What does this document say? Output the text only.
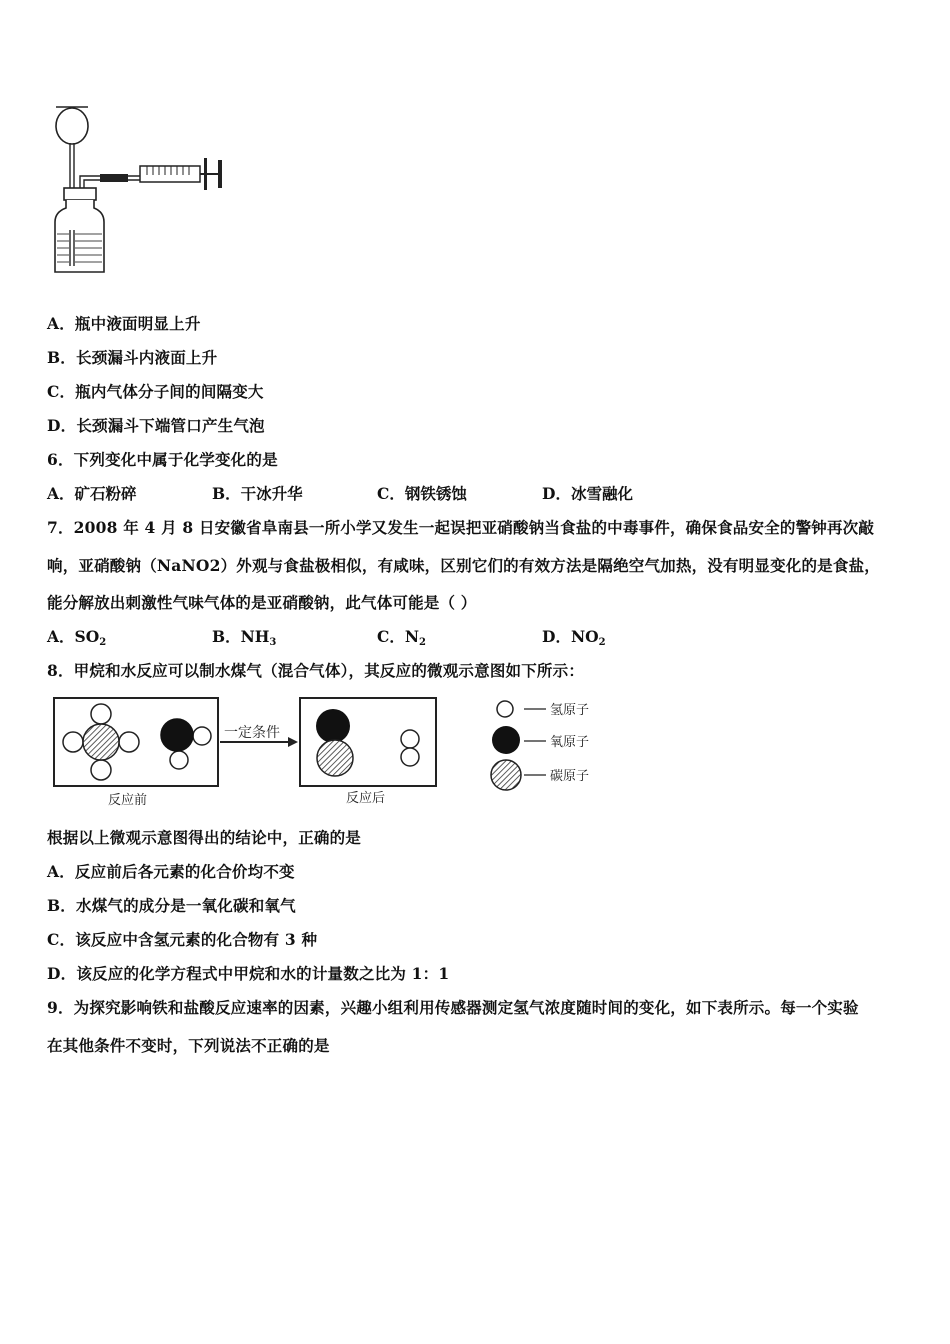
A．瓶中液面明显上升
B．长颈漏斗内液面上升
C．瓶内气体分子间的间隔变大
D．长颈漏斗下端管口产生气泡
6．下列变化中属于化学变化的是
A．矿石粉碎	B．干冰升华	C．钢铁锈蚀	D．冰雪融化
7．2008 年 4 月 8 日安徽省阜南县一所小学又发生一起误把亚硝酸钠当食盐的中毒事件，确保食品安全的警钟再次敲
响，亚硝酸钠（NaNO2）外观与食盐极相似，有咸味，区别它们的有效方法是隔绝空气加热，没有明显变化的是食盐，
能分解放出刺激性气味气体的是亚硝酸钠，此气体可能是（ ）
A．$SO_2$	B．$NH_3$	C．$N_2$	D．$NO_2$
8．甲烷和水反应可以制水煤气（混合气体），其反应的微观示意图如下所示：
一定条件
反应前	反应后
氢原子
氧原子
碳原子
根据以上微观示意图得出的结论中，正确的是
A．反应前后各元素的化合价均不变
B．水煤气的成分是一氧化碳和氧气
C．该反应中含氢元素的化合物有 3 种
D．该反应的化学方程式中甲烷和水的计量数之比为 1：1
9．为探究影响铁和盐酸反应速率的因素，兴趣小组利用传感器测定氢气浓度随时间的变化，如下表所示。每一个实验
在其他条件不变时，下列说法不正确的是
